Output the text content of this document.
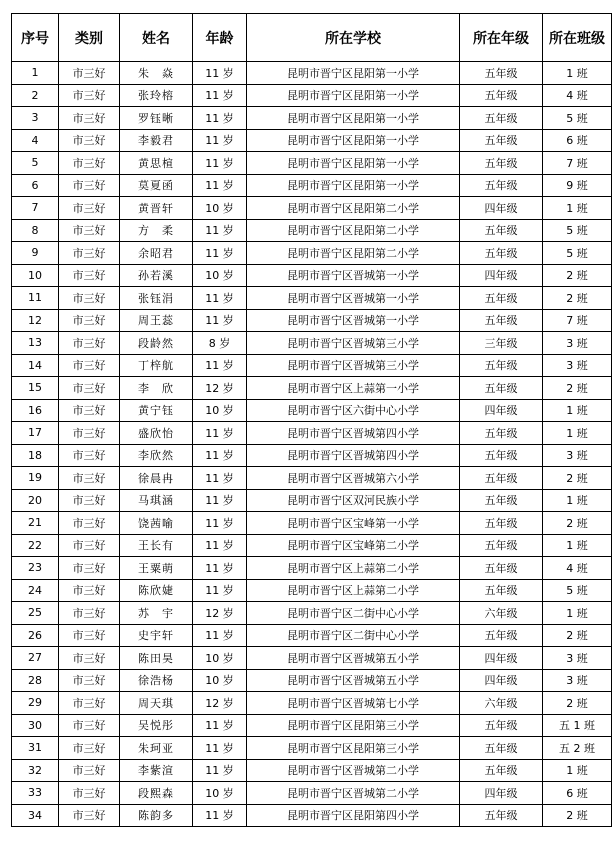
序号	类别	姓名	年龄	所在学校	所在年级	所在班级
1	市三好	朱　焱	11 岁	昆明市晋宁区昆阳第一小学	五年级	1 班
2	市三好	张玲榕	11 岁	昆明市晋宁区昆阳第一小学	五年级	4 班
3	市三好	罗钰晰	11 岁	昆明市晋宁区昆阳第一小学	五年级	5 班
4	市三好	李毅君	11 岁	昆明市晋宁区昆阳第一小学	五年级	6 班
5	市三好	黄思楦	11 岁	昆明市晋宁区昆阳第一小学	五年级	7 班
6	市三好	莫夏函	11 岁	昆明市晋宁区昆阳第一小学	五年级	9 班
7	市三好	黄晋轩	10 岁	昆明市晋宁区昆阳第二小学	四年级	1 班
8	市三好	方　柔	11 岁	昆明市晋宁区昆阳第二小学	五年级	5 班
9	市三好	余昭君	11 岁	昆明市晋宁区昆阳第二小学	五年级	5 班
10	市三好	孙若溪	10 岁	昆明市晋宁区晋城第一小学	四年级	2 班
11	市三好	张钰涓	11 岁	昆明市晋宁区晋城第一小学	五年级	2 班
12	市三好	周王蕊	11 岁	昆明市晋宁区晋城第一小学	五年级	7 班
13	市三好	段龄然	8 岁	昆明市晋宁区晋城第三小学	三年级	3 班
14	市三好	丁梓航	11 岁	昆明市晋宁区晋城第三小学	五年级	3 班
15	市三好	李　欣	12 岁	昆明市晋宁区上蒜第一小学	五年级	2 班
16	市三好	黄宁钰	10 岁	昆明市晋宁区六街中心小学	四年级	1 班
17	市三好	盛欣怡	11 岁	昆明市晋宁区晋城第四小学	五年级	1 班
18	市三好	李欣然	11 岁	昆明市晋宁区晋城第四小学	五年级	3 班
19	市三好	徐晨冉	11 岁	昆明市晋宁区晋城第六小学	五年级	2 班
20	市三好	马琪涵	11 岁	昆明市晋宁区双河民族小学	五年级	1 班
21	市三好	饶茜喻	11 岁	昆明市晋宁区宝峰第一小学	五年级	2 班
22	市三好	王长有	11 岁	昆明市晋宁区宝峰第二小学	五年级	1 班
23	市三好	王粟萌	11 岁	昆明市晋宁区上蒜第二小学	五年级	4 班
24	市三好	陈欣婕	11 岁	昆明市晋宁区上蒜第二小学	五年级	5 班
25	市三好	苏　宇	12 岁	昆明市晋宁区二街中心小学	六年级	1 班
26	市三好	史宇轩	11 岁	昆明市晋宁区二街中心小学	五年级	2 班
27	市三好	陈田昊	10 岁	昆明市晋宁区晋城第五小学	四年级	3 班
28	市三好	徐浩杨	10 岁	昆明市晋宁区晋城第五小学	四年级	3 班
29	市三好	周天琪	12 岁	昆明市晋宁区晋城第七小学	六年级	2 班
30	市三好	吴悦彤	11 岁	昆明市晋宁区昆阳第三小学	五年级	五 1 班
31	市三好	朱珂亚	11 岁	昆明市晋宁区昆阳第三小学	五年级	五 2 班
32	市三好	李紫渲	11 岁	昆明市晋宁区晋城第二小学	五年级	1 班
33	市三好	段熙森	10 岁	昆明市晋宁区晋城第二小学	四年级	6 班
34	市三好	陈韵多	11 岁	昆明市晋宁区昆阳第四小学	五年级	2 班
